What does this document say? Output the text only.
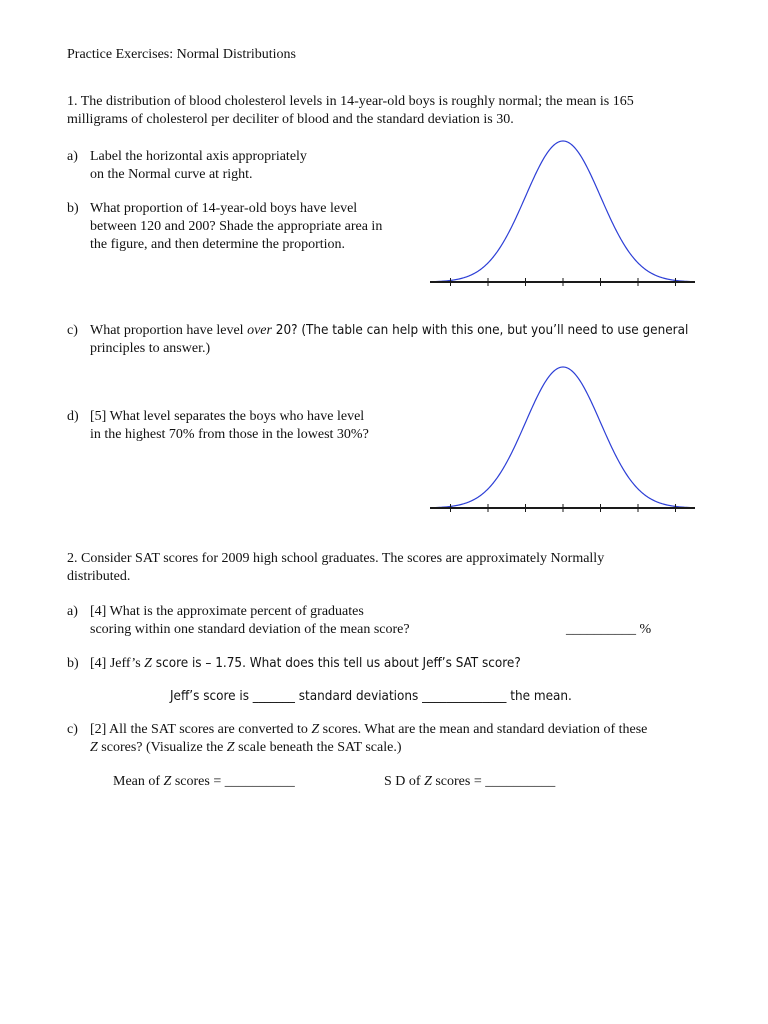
Practice Exercises: Normal Distributions
1. The distribution of blood cholesterol levels in 14-year-old boys is roughly normal; the mean is 165
milligrams of cholesterol per deciliter of blood and the standard deviation is 30.
a) Label the horizontal axis appropriately
on the Normal curve at right.
b) What proportion of 14-year-old boys have level
between 120 and 200? Shade the appropriate area in
the figure, and then determine the proportion.
c) What proportion have level over 20? (The table can help with this one, but you’ll need to use general
principles to answer.)
d) [5] What level separates the boys who have level
in the highest 70% from those in the lowest 30%?
2. Consider SAT scores for 2009 high school graduates. The scores are approximately Normally
distributed.
a) [4] What is the approximate percent of graduates
scoring within one standard deviation of the mean score?	__________ %
b) [4] Jeff’s Z score is – 1.75. What does this tell us about Jeff’s SAT score?
Jeff’s score is _______ standard deviations ______________ the mean.
c) [2] All the SAT scores are converted to Z scores. What are the mean and standard deviation of these
Z scores? (Visualize the Z scale beneath the SAT scale.)
Mean of Z scores = __________	S D of Z scores = __________
